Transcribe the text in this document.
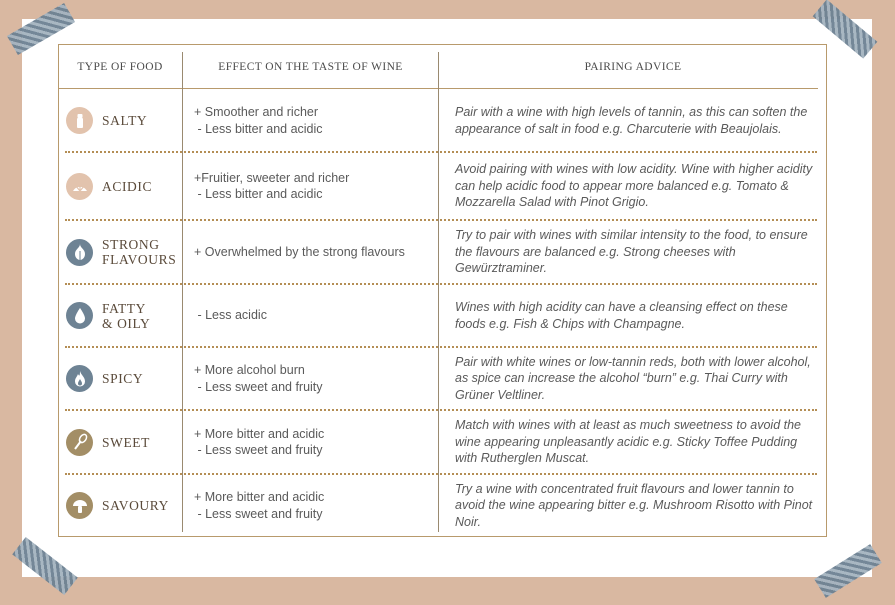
TYPE OF FOOD	EFFECT ON THE TASTE OF WINE	PAIRING ADVICE
SALTY
+ Smoother and richer
- Less bitter and acidic
Pair with a wine with high levels of tannin, as this can soften the appearance of salt in food e.g. Charcuterie with Beaujolais.
ACIDIC
+Fruitier, sweeter and richer
- Less bitter and acidic
Avoid pairing with wines with low acidity. Wine with higher acidity can help acidic food to appear more balanced e.g. Tomato & Mozzarella Salad with Pinot Grigio.
STRONG
FLAVOURS
+ Overwhelmed by the strong flavours
Try to pair with wines with similar intensity to the food, to ensure the flavours are balanced e.g. Strong cheeses with Gewürztraminer.
FATTY
& OILY
- Less acidic
Wines with high acidity can have a cleansing effect on these foods e.g. Fish & Chips with Champagne.
SPICY
+ More alcohol burn
- Less sweet and fruity
Pair with white wines or low-tannin reds, both with lower alcohol, as spice can increase the alcohol “burn” e.g. Thai Curry with Grüner Veltliner.
SWEET
+ More bitter and acidic
- Less sweet and fruity
Match with wines with at least as much sweetness to avoid the wine appearing unpleasantly acidic e.g. Sticky Toffee Pudding with Rutherglen Muscat.
SAVOURY
+ More bitter and acidic
- Less sweet and fruity
Try a wine with concentrated fruit flavours and lower tannin to avoid the wine appearing bitter e.g. Mushroom Risotto with Pinot Noir.
